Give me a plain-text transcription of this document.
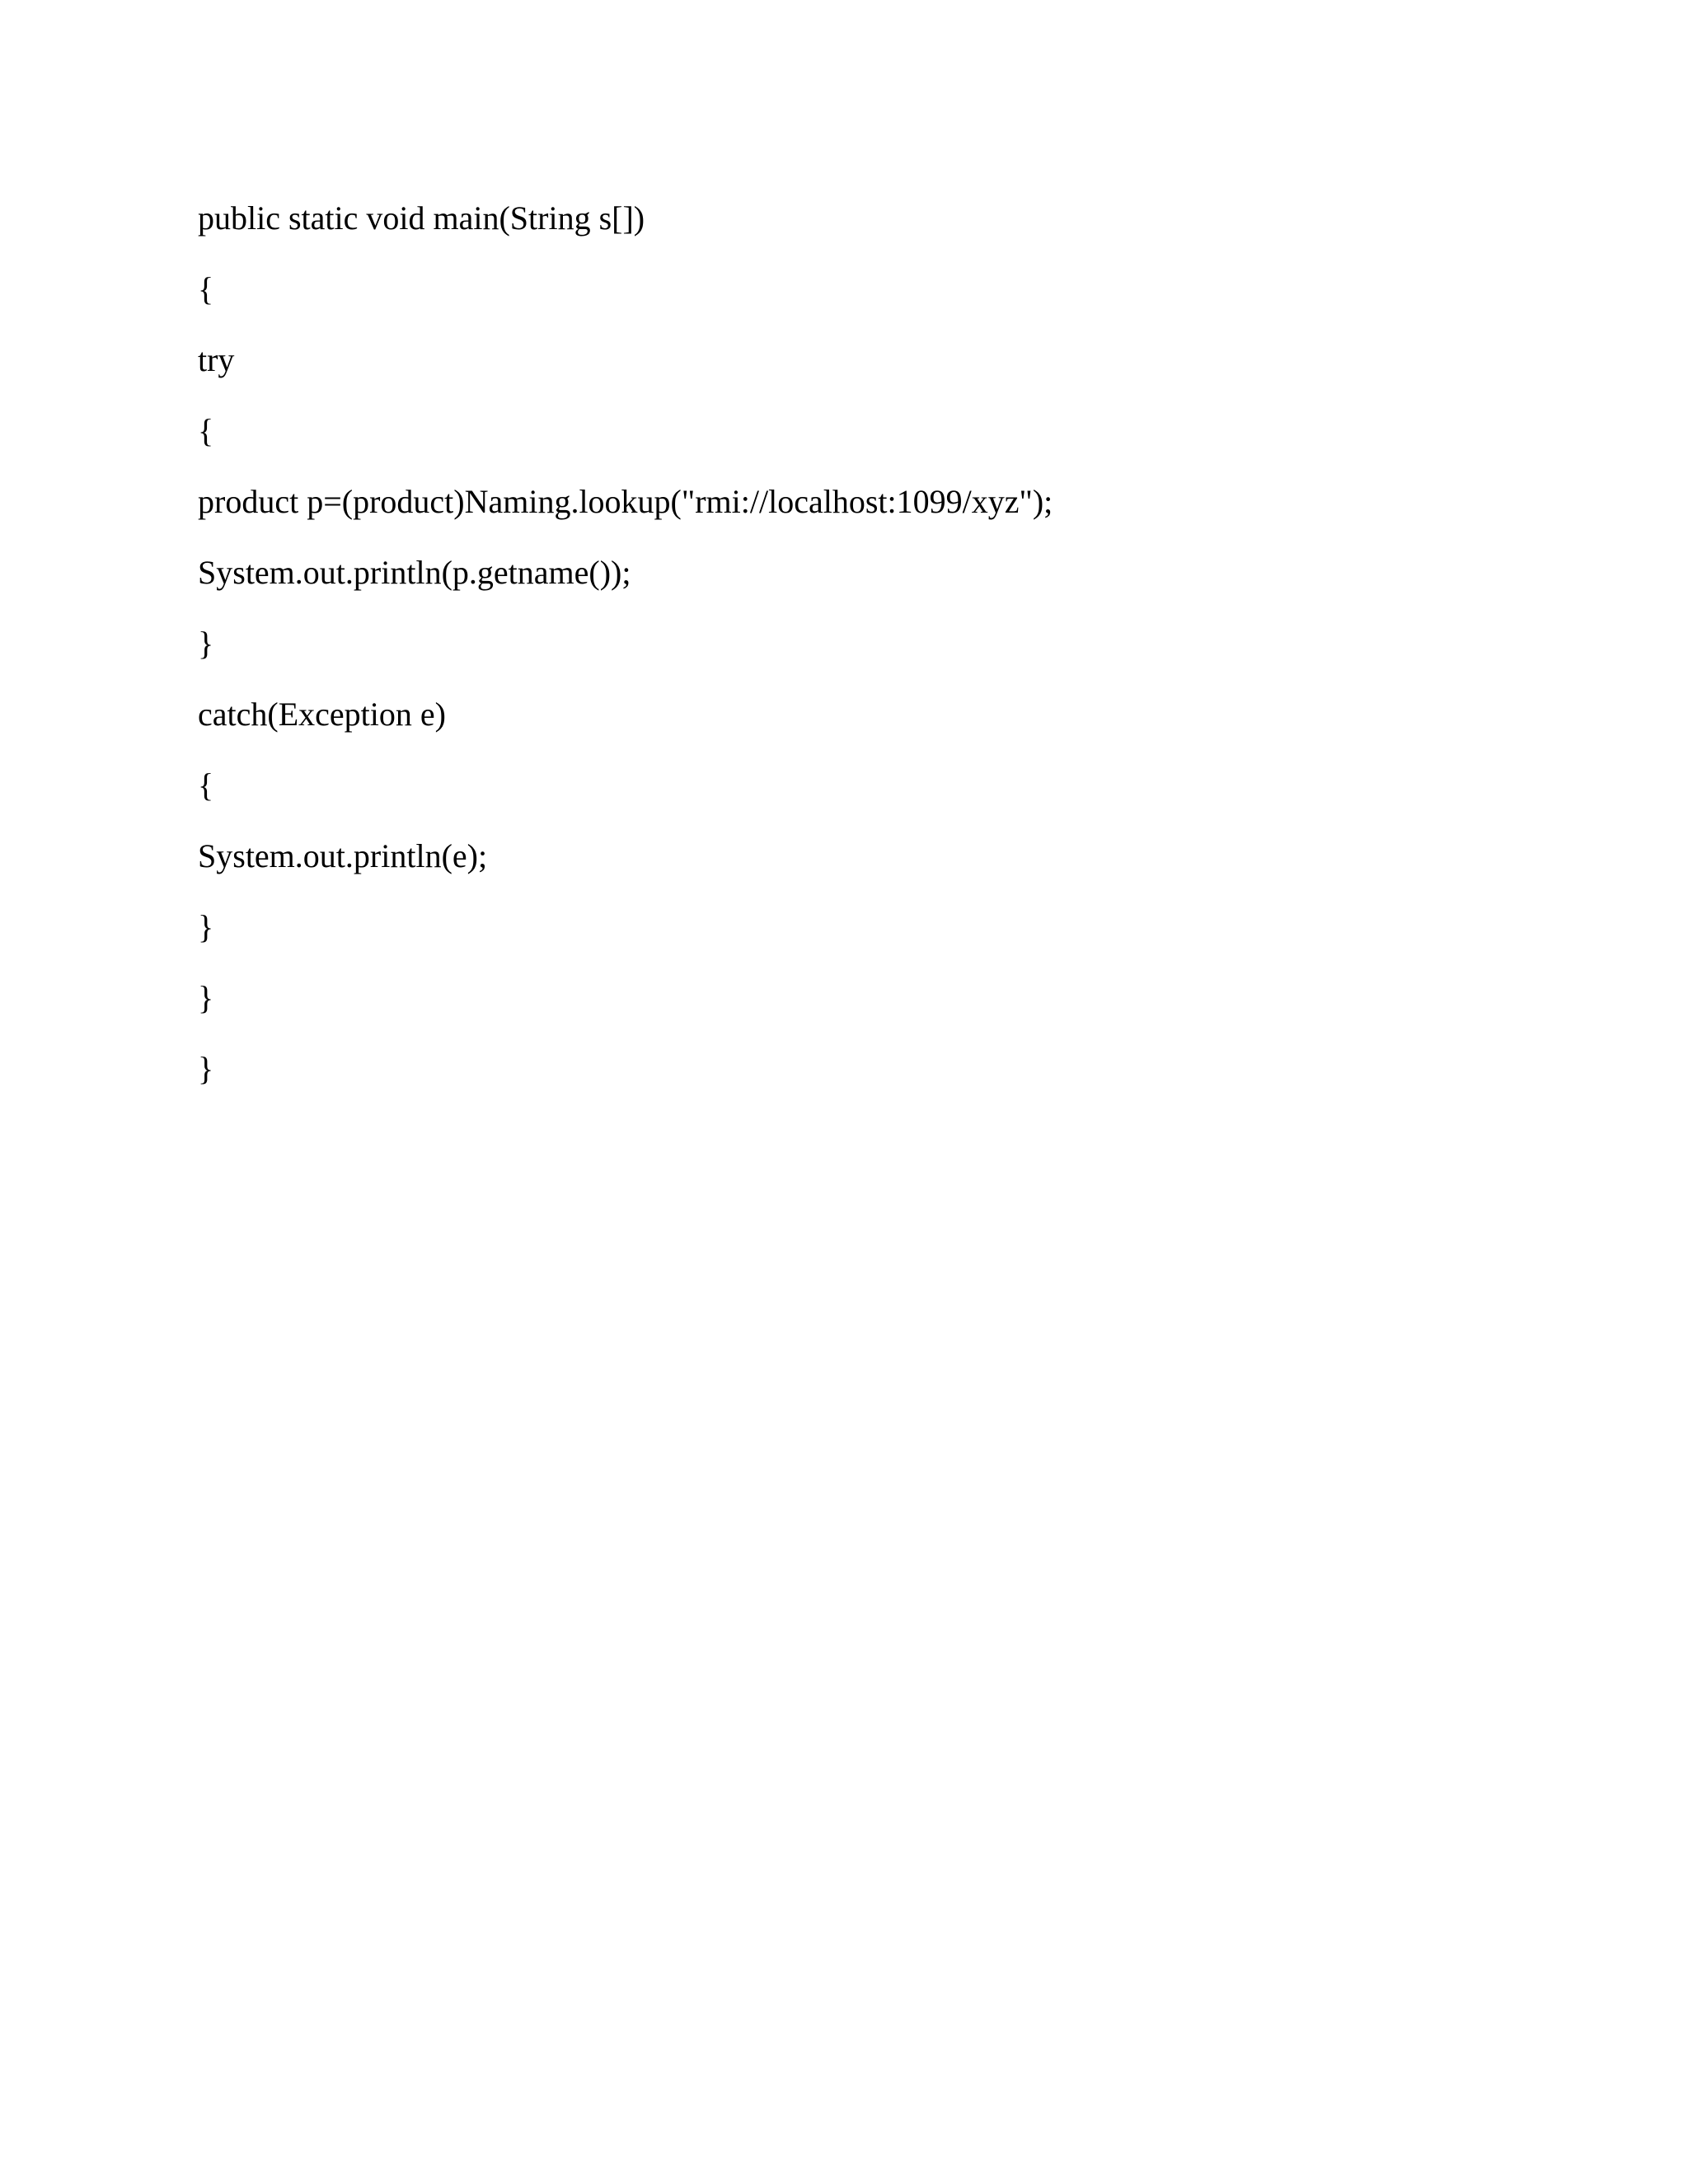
public static void main(String s[])
{
try
{
product p=(product)Naming.lookup("rmi://localhost:1099/xyz");
System.out.println(p.getname());
}
catch(Exception e)
{
System.out.println(e);
}
}
}
